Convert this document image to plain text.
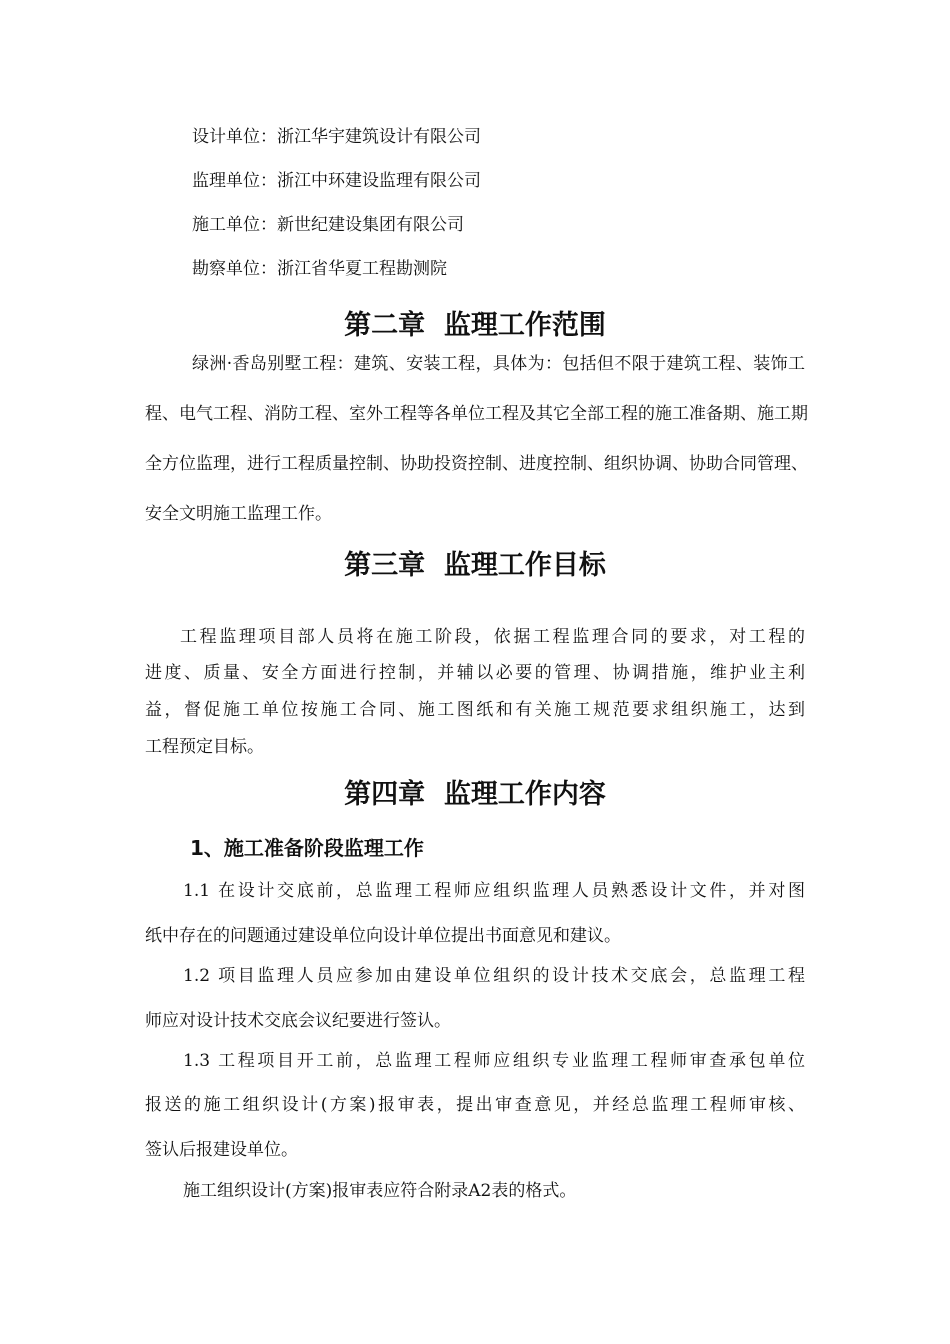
设计单位：浙江华宇建筑设计有限公司
监理单位：浙江中环建设监理有限公司
施工单位：新世纪建设集团有限公司
勘察单位：浙江省华夏工程勘测院
第二章  监理工作范围
绿洲·香岛别墅工程：建筑、安装工程，具体为：包括但不限于建筑工程、装饰工
程、电气工程、消防工程、室外工程等各单位工程及其它全部工程的施工准备期、施工期
全方位监理，进行工程质量控制、协助投资控制、进度控制、组织协调、协助合同管理、
安全文明施工监理工作。
第三章  监理工作目标
工程监理项目部人员将在施工阶段，依据工程监理合同的要求，对工程的
进度、质量、安全方面进行控制，并辅以必要的管理、协调措施，维护业主利
益，督促施工单位按施工合同、施工图纸和有关施工规范要求组织施工，达到
工程预定目标。
第四章  监理工作内容
1、施工准备阶段监理工作
1.1 在设计交底前，总监理工程师应组织监理人员熟悉设计文件，并对图
纸中存在的问题通过建设单位向设计单位提出书面意见和建议。
1.2 项目监理人员应参加由建设单位组织的设计技术交底会，总监理工程
师应对设计技术交底会议纪要进行签认。
1.3 工程项目开工前，总监理工程师应组织专业监理工程师审查承包单位
报送的施工组织设计(方案)报审表，提出审查意见，并经总监理工程师审核、
签认后报建设单位。
施工组织设计(方案)报审表应符合附录A2表的格式。
